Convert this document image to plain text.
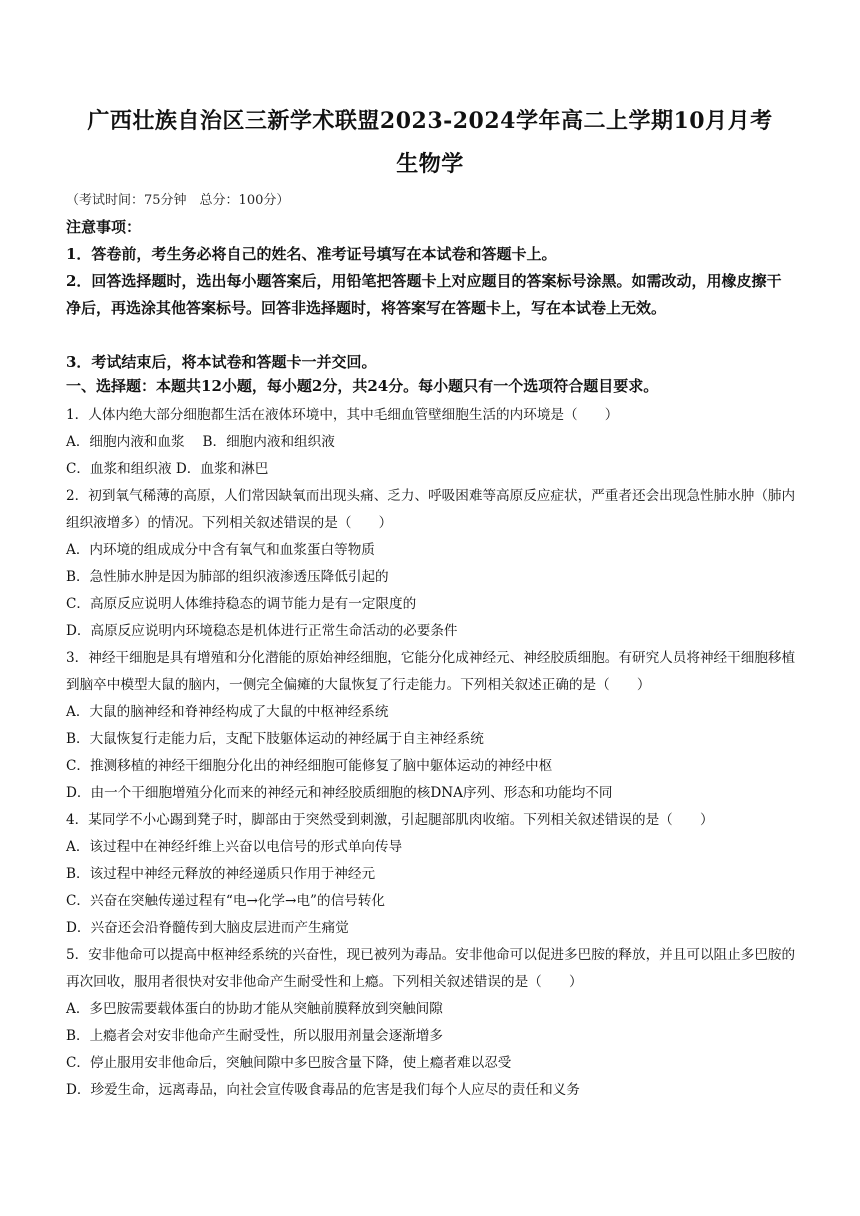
广西壮族自治区三新学术联盟2023-2024学年高二上学期10月月考
生物学
（考试时间：75分钟　总分：100分）
注意事项：
1．答卷前，考生务必将自己的姓名、准考证号填写在本试卷和答题卡上。
2．回答选择题时，选出每小题答案后，用铅笔把答题卡上对应题目的答案标号涂黑。如需改动，用橡皮擦干净后，再选涂其他答案标号。回答非选择题时，将答案写在答题卡上，写在本试卷上无效。
3．考试结束后，将本试卷和答题卡一并交回。
一、选择题：本题共12小题，每小题2分，共24分。每小题只有一个选项符合题目要求。
1．人体内绝大部分细胞都生活在液体环境中，其中毛细血管壁细胞生活的内环境是（　　）
A．细胞内液和血浆　 B．细胞内液和组织液
C．血浆和组织液 D．血浆和淋巴
2．初到氧气稀薄的高原，人们常因缺氧而出现头痛、乏力、呼吸困难等高原反应症状，严重者还会出现急性肺水肿（肺内组织液增多）的情况。下列相关叙述错误的是（　　）
A．内环境的组成成分中含有氧气和血浆蛋白等物质
B．急性肺水肿是因为肺部的组织液渗透压降低引起的
C．高原反应说明人体维持稳态的调节能力是有一定限度的
D．高原反应说明内环境稳态是机体进行正常生命活动的必要条件
3．神经干细胞是具有增殖和分化潜能的原始神经细胞，它能分化成神经元、神经胶质细胞。有研究人员将神经干细胞移植到脑卒中模型大鼠的脑内，一侧完全偏瘫的大鼠恢复了行走能力。下列相关叙述正确的是（　　）
A．大鼠的脑神经和脊神经构成了大鼠的中枢神经系统
B．大鼠恢复行走能力后，支配下肢躯体运动的神经属于自主神经系统
C．推测移植的神经干细胞分化出的神经细胞可能修复了脑中躯体运动的神经中枢
D．由一个干细胞增殖分化而来的神经元和神经胶质细胞的核DNA序列、形态和功能均不同
4．某同学不小心踢到凳子时，脚部由于突然受到刺激，引起腿部肌肉收缩。下列相关叙述错误的是（　　）
A．该过程中在神经纤维上兴奋以电信号的形式单向传导
B．该过程中神经元释放的神经递质只作用于神经元
C．兴奋在突触传递过程有“电→化学→电”的信号转化
D．兴奋还会沿脊髓传到大脑皮层进而产生痛觉
5．安非他命可以提高中枢神经系统的兴奋性，现已被列为毒品。安非他命可以促进多巴胺的释放，并且可以阻止多巴胺的再次回收，服用者很快对安非他命产生耐受性和上瘾。下列相关叙述错误的是（　　）
A．多巴胺需要载体蛋白的协助才能从突触前膜释放到突触间隙
B．上瘾者会对安非他命产生耐受性，所以服用剂量会逐渐增多
C．停止服用安非他命后，突触间隙中多巴胺含量下降，使上瘾者难以忍受
D．珍爱生命，远离毒品，向社会宣传吸食毒品的危害是我们每个人应尽的责任和义务
